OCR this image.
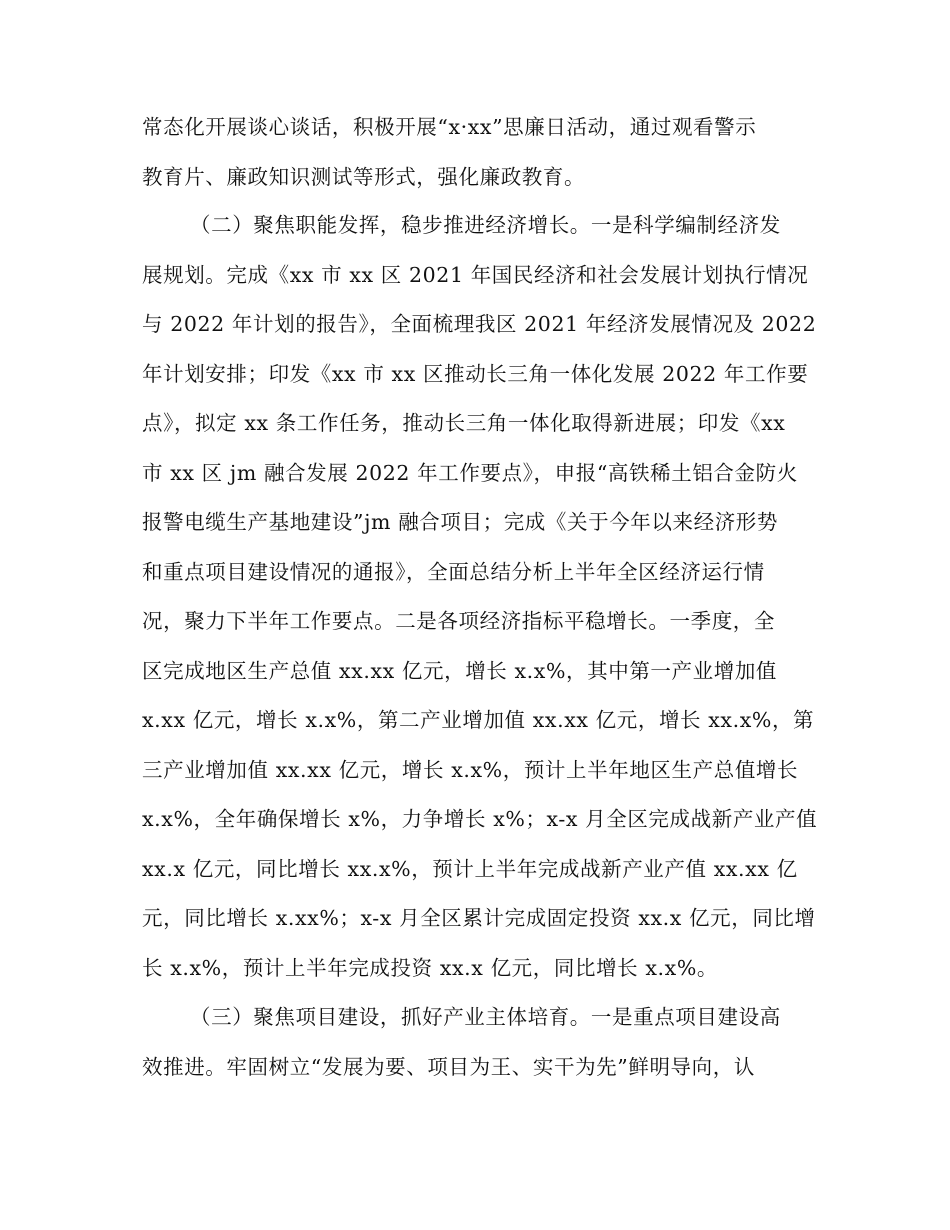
常态化开展谈心谈话，积极开展“x·xx”思廉日活动，通过观看警示
教育片、廉政知识测试等形式，强化廉政教育。
（二）聚焦职能发挥，稳步推进经济增长。一是科学编制经济发
展规划。完成《xx 市 xx 区 2021 年国民经济和社会发展计划执行情况
与 2022 年计划的报告》，全面梳理我区 2021 年经济发展情况及 2022
年计划安排；印发《xx 市 xx 区推动长三角一体化发展 2022 年工作要
点》，拟定 xx 条工作任务，推动长三角一体化取得新进展；印发《xx
市 xx 区 jm 融合发展 2022 年工作要点》，申报“高铁稀土铝合金防火
报警电缆生产基地建设”jm 融合项目；完成《关于今年以来经济形势
和重点项目建设情况的通报》，全面总结分析上半年全区经济运行情
况，聚力下半年工作要点。二是各项经济指标平稳增长。一季度，全
区完成地区生产总值 xx.xx 亿元，增长 x.x%，其中第一产业增加值
x.xx 亿元，增长 x.x%，第二产业增加值 xx.xx 亿元，增长 xx.x%，第
三产业增加值 xx.xx 亿元，增长 x.x%，预计上半年地区生产总值增长
x.x%，全年确保增长 x%，力争增长 x%；x-x 月全区完成战新产业产值
xx.x 亿元，同比增长 xx.x%，预计上半年完成战新产业产值 xx.xx 亿
元，同比增长 x.xx%；x-x 月全区累计完成固定投资 xx.x 亿元，同比增
长 x.x%，预计上半年完成投资 xx.x 亿元，同比增长 x.x%。
（三）聚焦项目建设，抓好产业主体培育。一是重点项目建设高
效推进。牢固树立“发展为要、项目为王、实干为先”鲜明导向，认
